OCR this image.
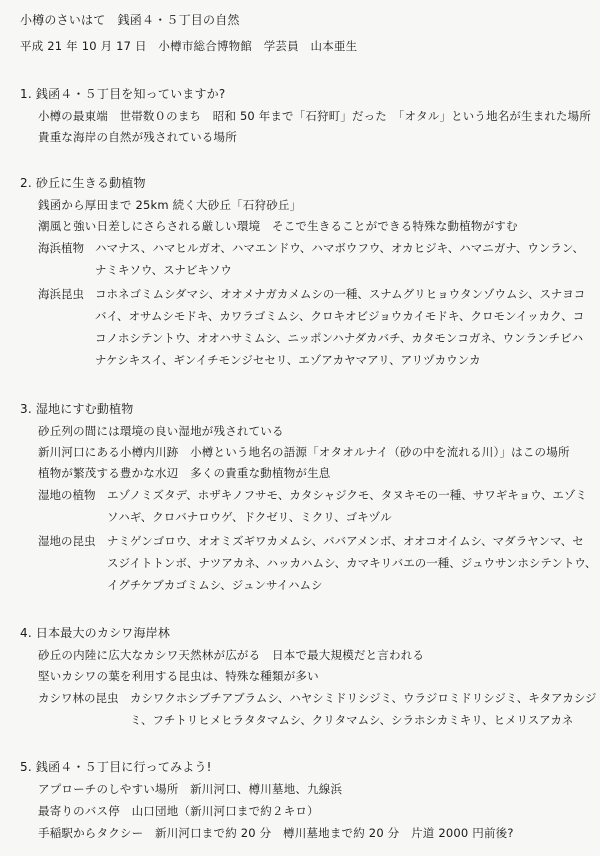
小樽のさいはて　銭函４・５丁目の自然
平成 21 年 10 月 17 日　小樽市総合博物館　学芸員　山本亜生
1. 銭函４・５丁目を知っていますか?
小樽の最東端　世帯数０のまち　昭和 50 年まで「石狩町」だった　「オタル」という地名が生まれた場所
貴重な海岸の自然が残されている場所
2. 砂丘に生きる動植物
銭函から厚田まで 25km 続く大砂丘「石狩砂丘」
潮風と強い日差しにさらされる厳しい環境　そこで生きることができる特殊な動植物がすむ
海浜植物 ハマナス、ハマヒルガオ、ハマエンドウ、ハマボウフウ、オカヒジキ、ハマニガナ、ウンラン、
ナミキソウ、スナビキソウ
海浜昆虫 コホネゴミムシダマシ、オオメナガカメムシの一種、スナムグリヒョウタンゾウムシ、スナヨコ
バイ、オサムシモドキ、カワラゴミムシ、クロキオビジョウカイモドキ、クロモンイッカク、コ
コノホシテントウ、オオハサミムシ、ニッポンハナダカバチ、カタモンコガネ、ウンランチビハ
ナケシキスイ、ギンイチモンジセセリ、エゾアカヤマアリ、アリヅカウンカ
3. 湿地にすむ動植物
砂丘列の間には環境の良い湿地が残されている
新川河口にある小樽内川跡　小樽という地名の語源「オタオルナイ（砂の中を流れる川）」はこの場所
植物が繁茂する豊かな水辺　多くの貴重な動植物が生息
湿地の植物 エゾノミズタデ、ホザキノフサモ、カタシャジクモ、タヌキモの一種、サワギキョウ、エゾミ
ソハギ、クロバナロウゲ、ドクゼリ、ミクリ、ゴキヅル
湿地の昆虫 ナミゲンゴロウ、オオミズギワカメムシ、ババアメンボ、オオコオイムシ、マダラヤンマ、セ
スジイトトンボ、ナツアカネ、ハッカハムシ、カマキリバエの一種、ジュウサンホシテントウ、
イグチケブカゴミムシ、ジュンサイハムシ
4. 日本最大のカシワ海岸林
砂丘の内陸に広大なカシワ天然林が広がる　日本で最大規模だと言われる
堅いカシワの葉を利用する昆虫は、特殊な種類が多い
カシワ林の昆虫 カシワクホシブチアブラムシ、ハヤシミドリシジミ、ウラジロミドリシジミ、キタアカシジ ミ、フチトリヒメヒラタタマムシ、クリタマムシ、シラホシカミキリ、ヒメリスアカネ
5. 銭函４・５丁目に行ってみよう!
アプローチのしやすい場所　新川河口、樽川墓地、九線浜
最寄りのバス停　山口団地（新川河口まで約２キロ）
手稲駅からタクシー　新川河口まで約 20 分　樽川墓地まで約 20 分　片道 2000 円前後?
